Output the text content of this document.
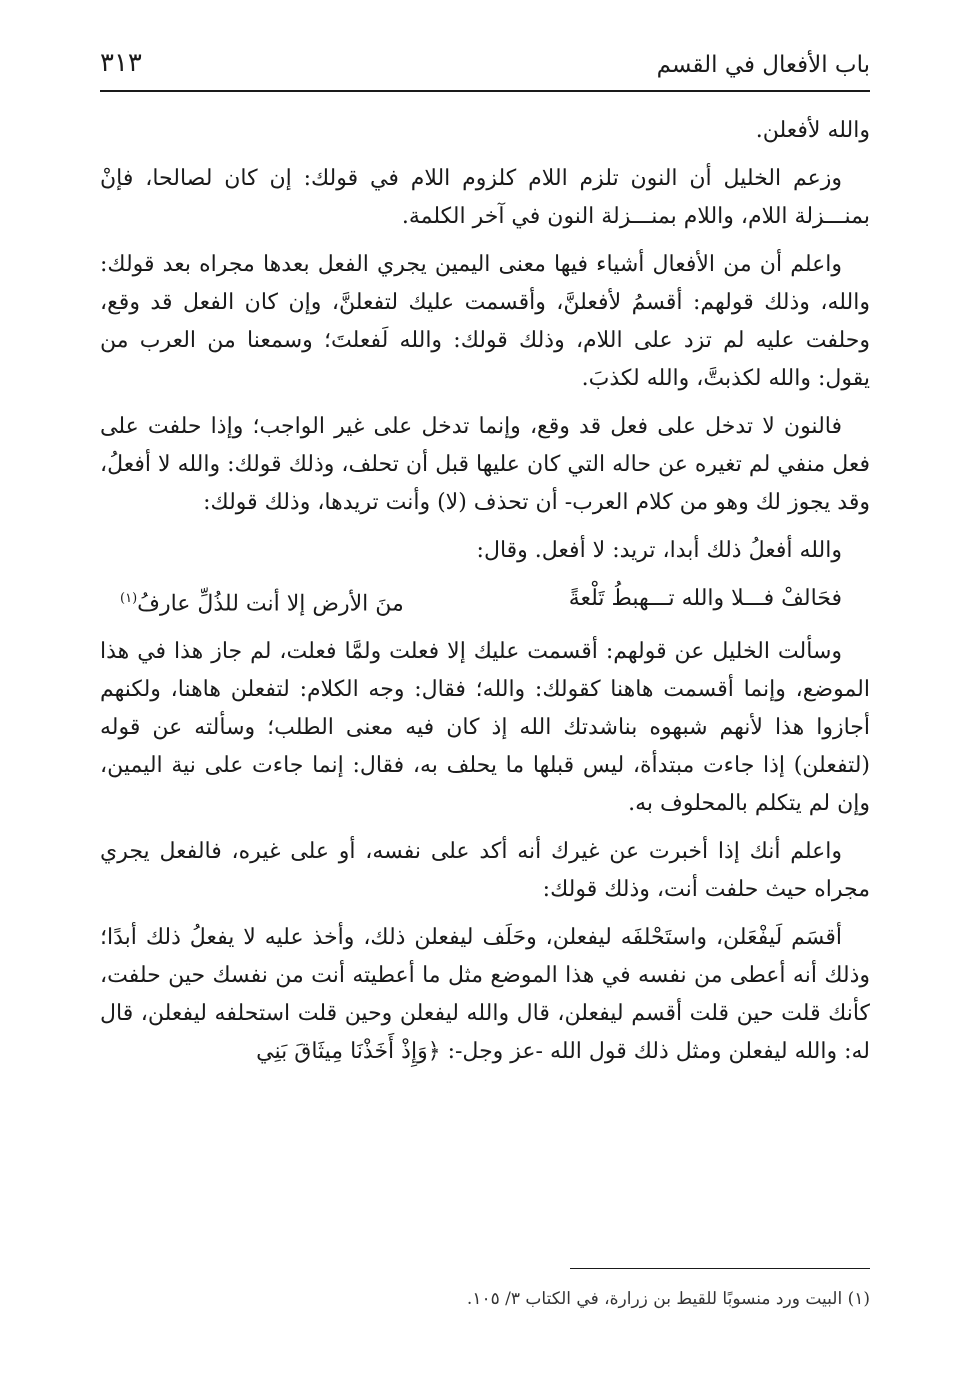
باب الأفعال في القسم
٣١٣

والله لأفعلن.

وزعم الخليل أن النون تلزم اللام كلزوم اللام في قولك: إن كان لصالحا، فإنْ بمنـــزلة اللام، واللام بمنـــزلة النون في آخر الكلمة.

واعلم أن من الأفعال أشياء فيها معنى اليمين يجري الفعل بعدها مجراه بعد قولك: والله، وذلك قولهم: أقسمُ لأفعلنَّ، وأقسمت عليك لتفعلنَّ، وإن كان الفعل قد وقع، وحلفت عليه لم تزد على اللام، وذلك قولك: والله لَفعلتَ؛ وسمعنا من العرب من يقول: والله لكذبتَّ، والله لكذبَ.

فالنون لا تدخل على فعل قد وقع، وإنما تدخل على غير الواجب؛ وإذا حلفت على فعل منفي لم تغيره عن حاله التي كان عليها قبل أن تحلف، وذلك قولك: والله لا أفعلُ، وقد يجوز لك وهو من كلام العرب- أن تحذف (لا) وأنت تريدها، وذلك قولك:

والله أفعلُ ذلك أبدا، تريد: لا أفعل. وقال:

فحَالفْ فـــلا والله تـــهبطُ تَلْعةً
منَ الأرض إلا أنت للذُلِّ عارفُ$^{(١)}$

وسألت الخليل عن قولهم: أقسمت عليك إلا فعلت ولمَّا فعلت، لم جاز هذا في هذا الموضع، وإنما أقسمت هاهنا كقولك: والله؛ فقال: وجه الكلام: لتفعلن هاهنا، ولكنهم أجازوا هذا لأنهم شبهوه بناشدتك الله إذ كان فيه معنى الطلب؛ وسألته عن قوله (لتفعلن) إذا جاءت مبتدأة، ليس قبلها ما يحلف به، فقال: إنما جاءت على نية اليمين، وإن لم يتكلم بالمحلوف به.

واعلم أنك إذا أخبرت عن غيرك أنه أكد على نفسه، أو على غيره، فالفعل يجري مجراه حيث حلفت أنت، وذلك قولك:

أقسَم لَيفْعَلن، واستَحْلفَه ليفعلن، وحَلَف ليفعلن ذلك، وأخذ عليه لا يفعلُ ذلك أبدًا؛ وذلك أنه أعطى من نفسه في هذا الموضع مثل ما أعطيته أنت من نفسك حين حلفت، كأنك قلت حين قلت أقسم ليفعلن، قال والله ليفعلن وحين قلت استحلفه ليفعلن، قال له: والله ليفعلن ومثل ذلك قول الله -عز وجل-: ﴿وَإِذْ أَخَذْنَا مِيثَاقَ بَنِي

(١) البيت ورد منسوبًا للقيط بن زرارة، في الكتاب ٣/ ١٠٥.
